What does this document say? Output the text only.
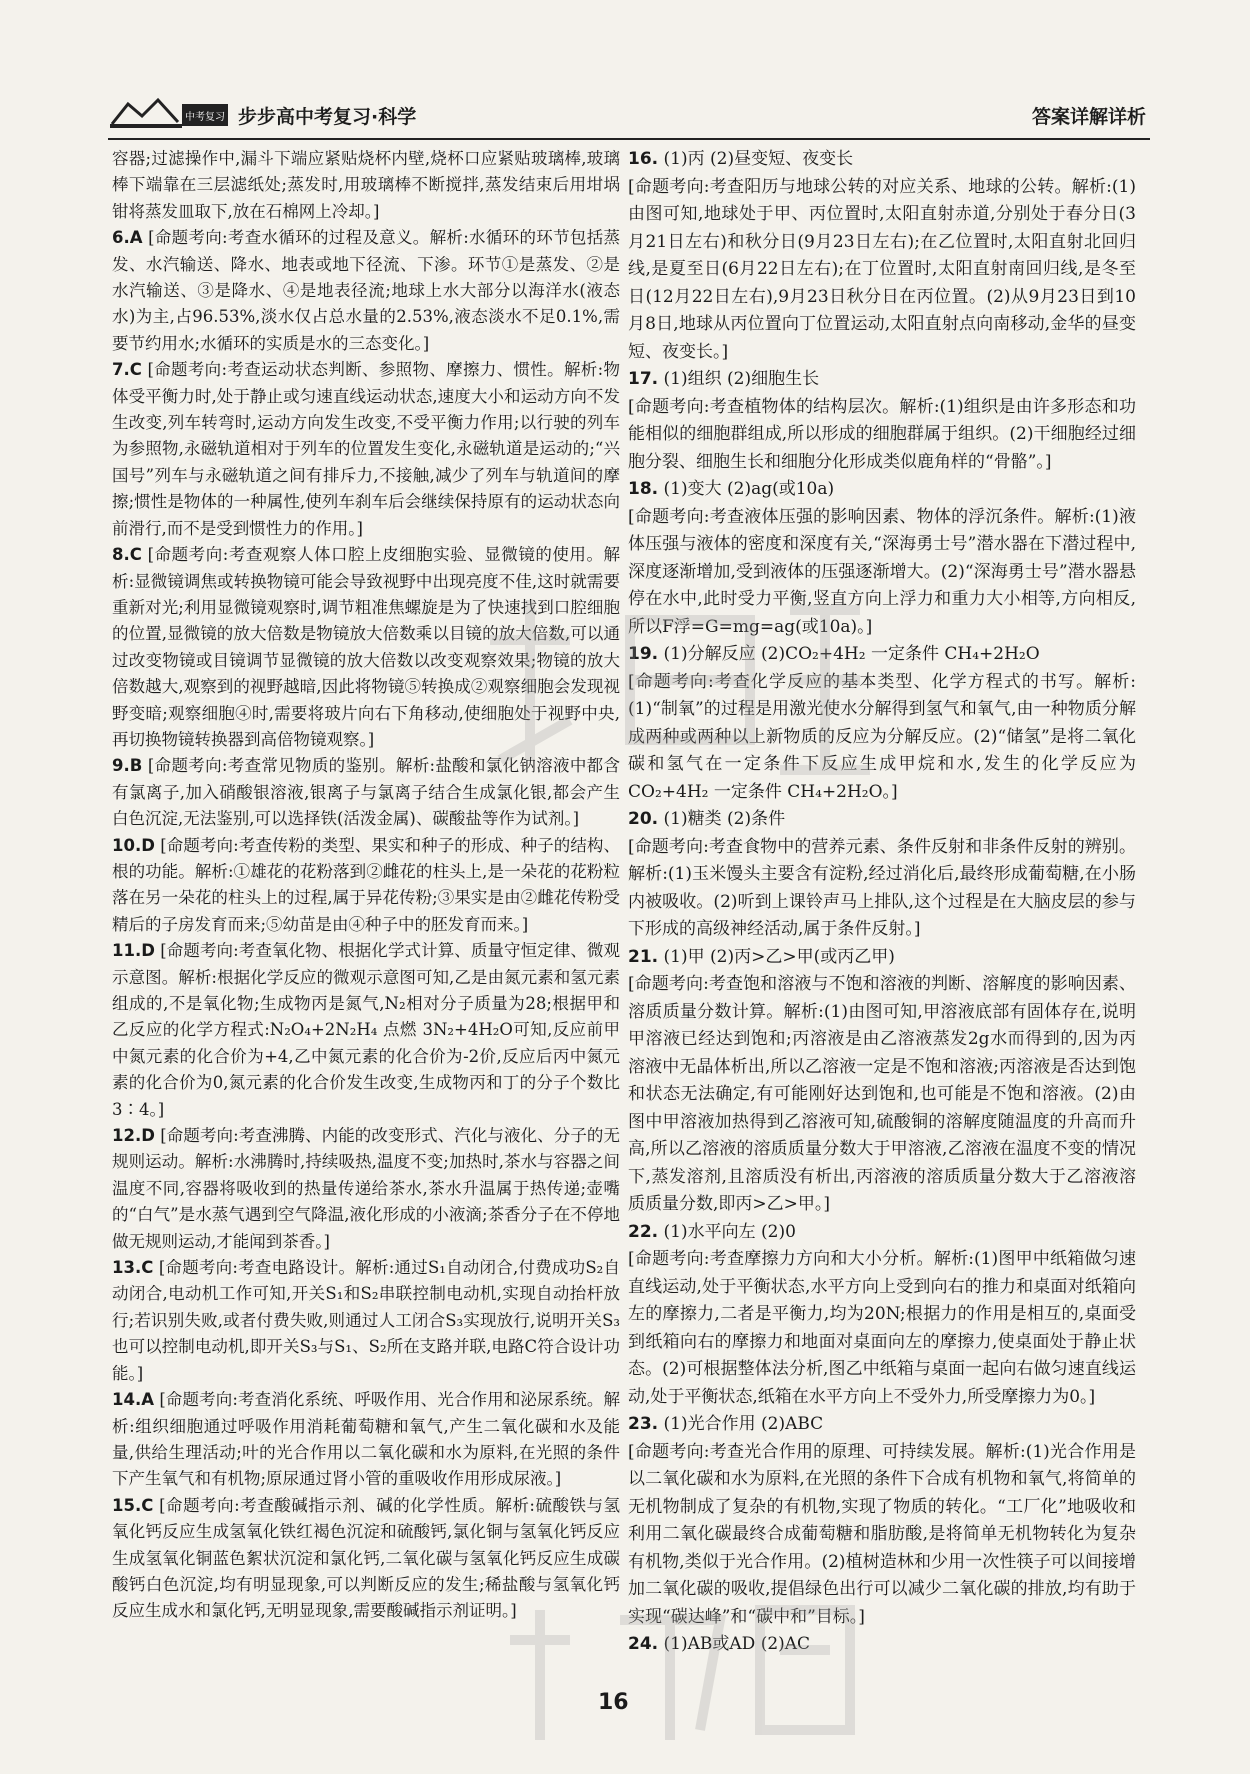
中考复习 步步高中考复习·科学	答案详解详析
容器;过滤操作中,漏斗下端应紧贴烧杯内壁,烧杯口应紧贴玻璃棒,玻璃棒下端靠在三层滤纸处;蒸发时,用玻璃棒不断搅拌,蒸发结束后用坩埚钳将蒸发皿取下,放在石棉网上冷却。]
6.A [命题考向:考查水循环的过程及意义。解析:水循环的环节包括蒸发、水汽输送、降水、地表或地下径流、下渗。环节①是蒸发、②是水汽输送、③是降水、④是地表径流;地球上水大部分以海洋水(液态水)为主,占96.53%,淡水仅占总水量的2.53%,液态淡水不足0.1%,需要节约用水;水循环的实质是水的三态变化。]
7.C [命题考向:考查运动状态判断、参照物、摩擦力、惯性。解析:物体受平衡力时,处于静止或匀速直线运动状态,速度大小和运动方向不发生改变,列车转弯时,运动方向发生改变,不受平衡力作用;以行驶的列车为参照物,永磁轨道相对于列车的位置发生变化,永磁轨道是运动的;“兴国号”列车与永磁轨道之间有排斥力,不接触,减少了列车与轨道间的摩擦;惯性是物体的一种属性,使列车刹车后会继续保持原有的运动状态向前滑行,而不是受到惯性力的作用。]
8.C [命题考向:考查观察人体口腔上皮细胞实验、显微镜的使用。解析:显微镜调焦或转换物镜可能会导致视野中出现亮度不佳,这时就需要重新对光;利用显微镜观察时,调节粗准焦螺旋是为了快速找到口腔细胞的位置,显微镜的放大倍数是物镜放大倍数乘以目镜的放大倍数,可以通过改变物镜或目镜调节显微镜的放大倍数以改变观察效果;物镜的放大倍数越大,观察到的视野越暗,因此将物镜⑤转换成②观察细胞会发现视野变暗;观察细胞④时,需要将玻片向右下角移动,使细胞处于视野中央,再切换物镜转换器到高倍物镜观察。]
9.B [命题考向:考查常见物质的鉴别。解析:盐酸和氯化钠溶液中都含有氯离子,加入硝酸银溶液,银离子与氯离子结合生成氯化银,都会产生白色沉淀,无法鉴别,可以选择铁(活泼金属)、碳酸盐等作为试剂。]
10.D [命题考向:考查传粉的类型、果实和种子的形成、种子的结构、根的功能。解析:①雄花的花粉落到②雌花的柱头上,是一朵花的花粉粒落在另一朵花的柱头上的过程,属于异花传粉;③果实是由②雌花传粉受精后的子房发育而来;⑤幼苗是由④种子中的胚发育而来。]
11.D [命题考向:考查氧化物、根据化学式计算、质量守恒定律、微观示意图。解析:根据化学反应的微观示意图可知,乙是由氮元素和氢元素组成的,不是氧化物;生成物丙是氮气,N₂相对分子质量为28;根据甲和乙反应的化学方程式:N₂O₄+2N₂H₄ 点燃 3N₂+4H₂O可知,反应前甲中氮元素的化合价为+4,乙中氮元素的化合价为-2价,反应后丙中氮元素的化合价为0,氮元素的化合价发生改变,生成物丙和丁的分子个数比3∶4。]
12.D [命题考向:考查沸腾、内能的改变形式、汽化与液化、分子的无规则运动。解析:水沸腾时,持续吸热,温度不变;加热时,茶水与容器之间温度不同,容器将吸收到的热量传递给茶水,茶水升温属于热传递;壶嘴的“白气”是水蒸气遇到空气降温,液化形成的小液滴;茶香分子在不停地做无规则运动,才能闻到茶香。]
13.C [命题考向:考查电路设计。解析:通过S₁自动闭合,付费成功S₂自动闭合,电动机工作可知,开关S₁和S₂串联控制电动机,实现自动抬杆放行;若识别失败,或者付费失败,则通过人工闭合S₃实现放行,说明开关S₃也可以控制电动机,即开关S₃与S₁、S₂所在支路并联,电路C符合设计功能。]
14.A [命题考向:考查消化系统、呼吸作用、光合作用和泌尿系统。解析:组织细胞通过呼吸作用消耗葡萄糖和氧气,产生二氧化碳和水及能量,供给生理活动;叶的光合作用以二氧化碳和水为原料,在光照的条件下产生氧气和有机物;原尿通过肾小管的重吸收作用形成尿液。]
15.C [命题考向:考查酸碱指示剂、碱的化学性质。解析:硫酸铁与氢氧化钙反应生成氢氧化铁红褐色沉淀和硫酸钙,氯化铜与氢氧化钙反应生成氢氧化铜蓝色絮状沉淀和氯化钙,二氧化碳与氢氧化钙反应生成碳酸钙白色沉淀,均有明显现象,可以判断反应的发生;稀盐酸与氢氧化钙反应生成水和氯化钙,无明显现象,需要酸碱指示剂证明。]
16. (1)丙 (2)昼变短、夜变长
[命题考向:考查阳历与地球公转的对应关系、地球的公转。解析:(1)由图可知,地球处于甲、丙位置时,太阳直射赤道,分别处于春分日(3月21日左右)和秋分日(9月23日左右);在乙位置时,太阳直射北回归线,是夏至日(6月22日左右);在丁位置时,太阳直射南回归线,是冬至日(12月22日左右),9月23日秋分日在丙位置。(2)从9月23日到10月8日,地球从丙位置向丁位置运动,太阳直射点向南移动,金华的昼变短、夜变长。]
17. (1)组织 (2)细胞生长
[命题考向:考查植物体的结构层次。解析:(1)组织是由许多形态和功能相似的细胞群组成,所以形成的细胞群属于组织。(2)干细胞经过细胞分裂、细胞生长和细胞分化形成类似鹿角样的“骨骼”。]
18. (1)变大 (2)ag(或10a)
[命题考向:考查液体压强的影响因素、物体的浮沉条件。解析:(1)液体压强与液体的密度和深度有关,“深海勇士号”潜水器在下潜过程中,深度逐渐增加,受到液体的压强逐渐增大。(2)“深海勇士号”潜水器悬停在水中,此时受力平衡,竖直方向上浮力和重力大小相等,方向相反,所以F浮=G=mg=ag(或10a)。]
19. (1)分解反应 (2)CO₂+4H₂ 一定条件 CH₄+2H₂O
[命题考向:考查化学反应的基本类型、化学方程式的书写。解析:(1)“制氧”的过程是用激光使水分解得到氢气和氧气,由一种物质分解成两种或两种以上新物质的反应为分解反应。(2)“储氢”是将二氧化碳和氢气在一定条件下反应生成甲烷和水,发生的化学反应为CO₂+4H₂ 一定条件 CH₄+2H₂O。]
20. (1)糖类 (2)条件
[命题考向:考查食物中的营养元素、条件反射和非条件反射的辨别。解析:(1)玉米馒头主要含有淀粉,经过消化后,最终形成葡萄糖,在小肠内被吸收。(2)听到上课铃声马上排队,这个过程是在大脑皮层的参与下形成的高级神经活动,属于条件反射。]
21. (1)甲 (2)丙>乙>甲(或丙乙甲)
[命题考向:考查饱和溶液与不饱和溶液的判断、溶解度的影响因素、溶质质量分数计算。解析:(1)由图可知,甲溶液底部有固体存在,说明甲溶液已经达到饱和;丙溶液是由乙溶液蒸发2g水而得到的,因为丙溶液中无晶体析出,所以乙溶液一定是不饱和溶液;丙溶液是否达到饱和状态无法确定,有可能刚好达到饱和,也可能是不饱和溶液。(2)由图中甲溶液加热得到乙溶液可知,硫酸铜的溶解度随温度的升高而升高,所以乙溶液的溶质质量分数大于甲溶液,乙溶液在温度不变的情况下,蒸发溶剂,且溶质没有析出,丙溶液的溶质质量分数大于乙溶液溶质质量分数,即丙>乙>甲。]
22. (1)水平向左 (2)0
[命题考向:考查摩擦力方向和大小分析。解析:(1)图甲中纸箱做匀速直线运动,处于平衡状态,水平方向上受到向右的推力和桌面对纸箱向左的摩擦力,二者是平衡力,均为20N;根据力的作用是相互的,桌面受到纸箱向右的摩擦力和地面对桌面向左的摩擦力,使桌面处于静止状态。(2)可根据整体法分析,图乙中纸箱与桌面一起向右做匀速直线运动,处于平衡状态,纸箱在水平方向上不受外力,所受摩擦力为0。]
23. (1)光合作用 (2)ABC
[命题考向:考查光合作用的原理、可持续发展。解析:(1)光合作用是以二氧化碳和水为原料,在光照的条件下合成有机物和氧气,将简单的无机物制成了复杂的有机物,实现了物质的转化。“工厂化”地吸收和利用二氧化碳最终合成葡萄糖和脂肪酸,是将简单无机物转化为复杂有机物,类似于光合作用。(2)植树造林和少用一次性筷子可以间接增加二氧化碳的吸收,提倡绿色出行可以减少二氧化碳的排放,均有助于实现“碳达峰”和“碳中和”目标。]
24. (1)AB或AD (2)AC

16
